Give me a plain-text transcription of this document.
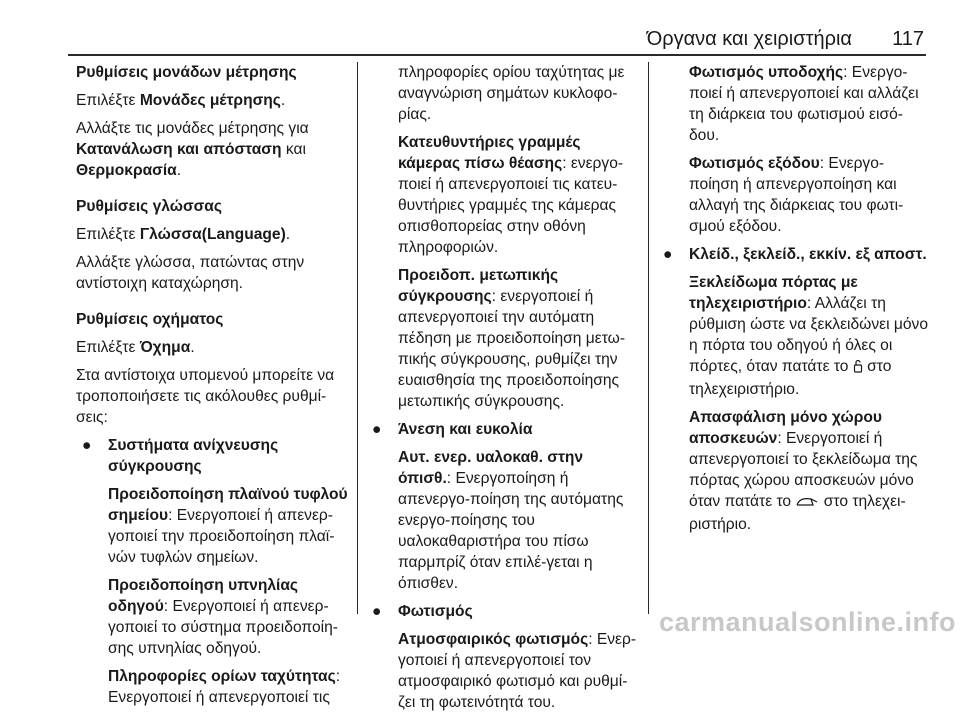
Όργανα και χειριστήρια 117

Ρυθμίσεις μονάδων μέτρησης

Επιλέξτε Μονάδες μέτρησης.

Αλλάξτε τις μονάδες μέτρησης για Κατανάλωση και απόσταση και Θερμοκρασία.

Ρυθμίσεις γλώσσας

Επιλέξτε Γλώσσα(Language).

Αλλάξτε γλώσσα, πατώντας στην αντίστοιχη καταχώρηση.

Ρυθμίσεις οχήματος

Επιλέξτε Όχημα.

Στα αντίστοιχα υπομενού μπορείτε να τροποποιήσετε τις ακόλουθες ρυθμί-σεις:

● Συστήματα ανίχνευσης σύγκρουσης

Προειδοποίηση πλαϊνού τυφλού σημείου: Ενεργοποιεί ή απενερ-γοποιεί την προειδοποίηση πλαϊ-νών τυφλών σημείων.

Προειδοποίηση υπνηλίας οδηγού: Ενεργοποιεί ή απενερ-γοποιεί το σύστημα προειδοποίη-σης υπνηλίας οδηγού.

Πληροφορίες ορίων ταχύτητας: Ενεργοποιεί ή απενεργοποιεί τις

πληροφορίες ορίου ταχύτητας με αναγνώριση σημάτων κυκλοφο-ρίας.

Κατευθυντήριες γραμμές κάμερας πίσω θέασης: ενεργο-ποιεί ή απενεργοποιεί τις κατευ-θυντήριες γραμμές της κάμερας οπισθοπορείας στην οθόνη πληροφοριών.

Προειδοπ. μετωπικής σύγκρουσης: ενεργοποιεί ή απενεργοποιεί την αυτόματη πέδηση με προειδοποίηση μετω-πικής σύγκρουσης, ρυθμίζει την ευαισθησία της προειδοποίησης μετωπικής σύγκρουσης.

● Άνεση και ευκολία

Αυτ. ενερ. υαλοκαθ. στην όπισθ.: Ενεργοποίηση ή απενεργο-ποίηση της αυτόματης ενεργο-ποίησης του υαλοκαθαριστήρα του πίσω παρμπρίζ όταν επιλέ-γεται η όπισθεν.

● Φωτισμός

Ατμοσφαιρικός φωτισμός: Ενερ-γοποιεί ή απενεργοποιεί τον ατμοσφαιρικό φωτισμό και ρυθμί-ζει τη φωτεινότητά του.

Φωτισμός υποδοχής: Ενεργο-ποιεί ή απενεργοποιεί και αλλάζει τη διάρκεια του φωτισμού εισό-δου.

Φωτισμός εξόδου: Ενεργο-ποίηση ή απενεργοποίηση και αλλαγή της διάρκειας του φωτι-σμού εξόδου.

● Κλείδ., ξεκλείδ., εκκίν. εξ αποστ.

Ξεκλείδωμα πόρτας με τηλεχειριστήριο: Αλλάζει τη ρύθμιση ώστε να ξεκλειδώνει μόνο η πόρτα του οδηγού ή όλες οι πόρτες, όταν πατάτε το  στο τηλεχειριστήριο.

Απασφάλιση μόνο χώρου αποσκευών: Ενεργοποιεί ή απενεργοποιεί το ξεκλείδωμα της πόρτας χώρου αποσκευών μόνο όταν πατάτε το  στο τηλεχει-ριστήριο.

carmanualsonline.info
